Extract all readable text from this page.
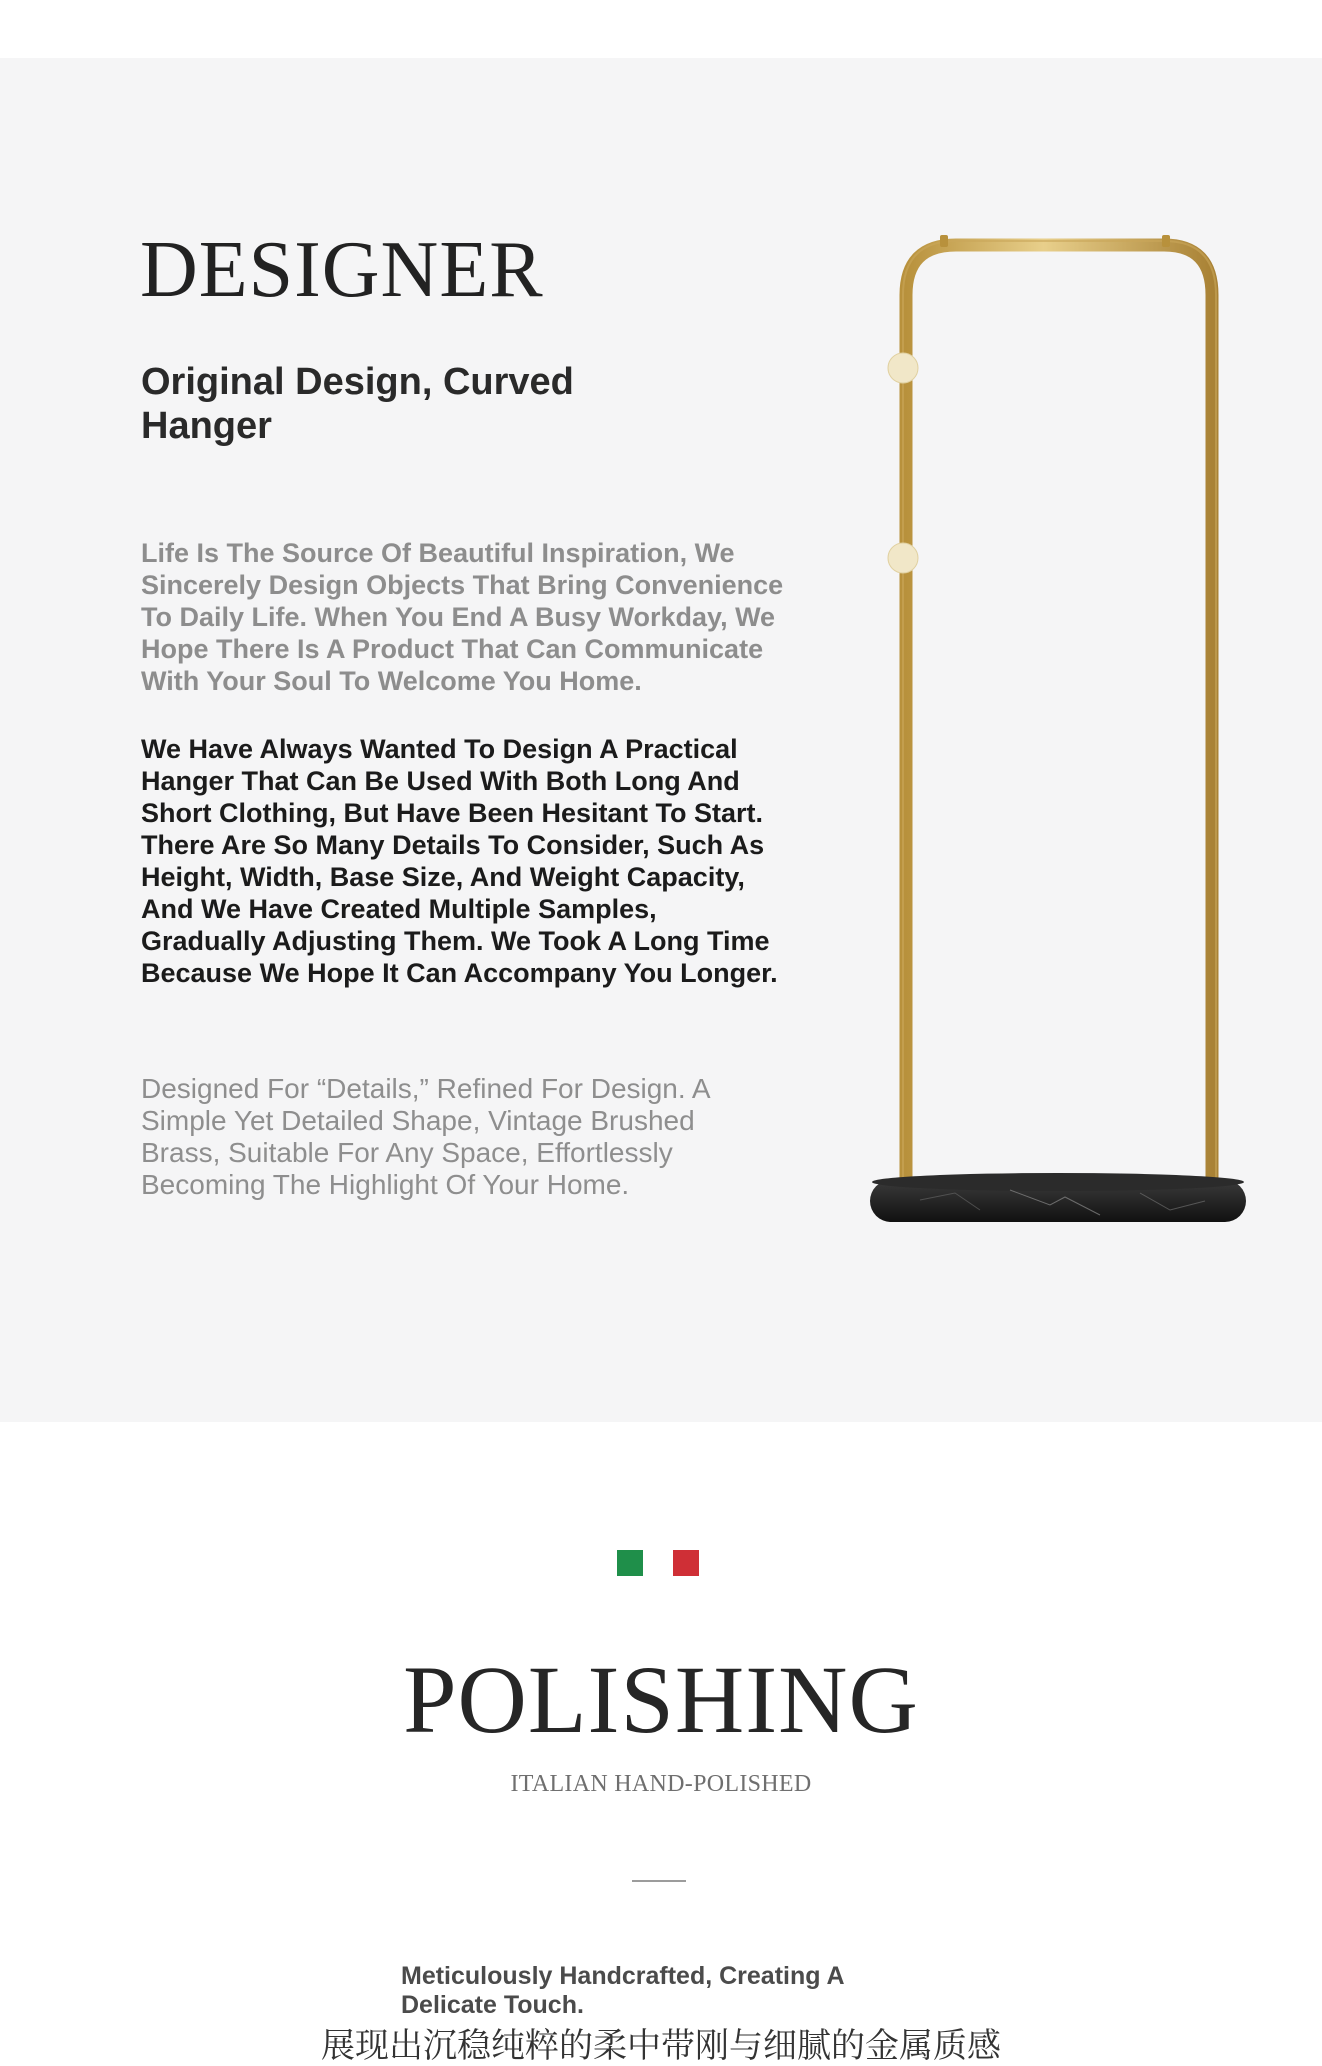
DESIGNER
Original Design, Curved Hanger

Life Is The Source Of Beautiful Inspiration, We Sincerely Design Objects That Bring Convenience To Daily Life. When You End A Busy Workday, We Hope There Is A Product That Can Communicate With Your Soul To Welcome You Home.

We Have Always Wanted To Design A Practical Hanger That Can Be Used With Both Long And Short Clothing, But Have Been Hesitant To Start. There Are So Many Details To Consider, Such As Height, Width, Base Size, And Weight Capacity, And We Have Created Multiple Samples, Gradually Adjusting Them. We Took A Long Time Because We Hope It Can Accompany You Longer.

Designed For “Details,” Refined For Design. A Simple Yet Detailed Shape, Vintage Brushed Brass, Suitable For Any Space, Effortlessly Becoming The Highlight Of Your Home.

POLISHING

ITALIAN HAND-POLISHED

Meticulously Handcrafted, Creating A Delicate Touch.

展现出沉稳纯粹的柔中带刚与细腻的金属质感
